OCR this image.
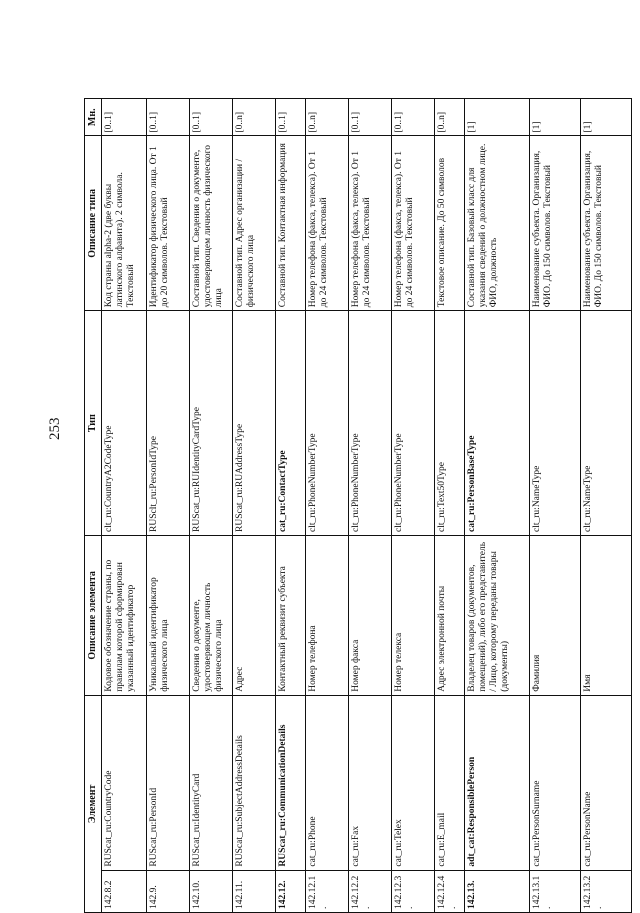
253
Элемент		Описание элемента	Тип	Описание типа	Мн.
142.8.2	RUScat_ru:CountryCode	Кодовое обозначение страны, по правилам которой сформирован указанный идентификатор	clt_ru:CountryA2CodeType	Код страны alpha-2 (две буквы латинского алфавита). 2 символа. Текстовый	[0..1]
142.9.	RUScat_ru:PersonId	Уникальный идентификатор физического лица	RUSclt_ru:PersonIdType	Идентификатор физического лица. От 1 до 20 символов. Текстовый	[0..1]
142.10.	RUScat_ru:IdentityCard	Сведения о документе, удостоверяющем личность физического лица	RUScat_ru:RUIdentityCardType	Составной тип. Сведения о документе, удостоверяющем личность физического лица	[0..1]
142.11.	RUScat_ru:SubjectAddressDetails	Адрес	RUScat_ru:RUAddressType	Составной тип. Адрес организации / физического лица	[0..n]
142.12.	RUScat_ru:CommunicationDetails	Контактный реквизит субъекта	cat_ru:ContactType	Составной тип. Контактная информация	[0..1]
142.12.1.	cat_ru:Phone	Номер телефона	clt_ru:PhoneNumberType	Номер телефона (факса, телекса). От 1 до 24 символов. Текстовый	[0..n]
142.12.2.	cat_ru:Fax	Номер факса	clt_ru:PhoneNumberType	Номер телефона (факса, телекса). От 1 до 24 символов. Текстовый	[0..1]
142.12.3.	cat_ru:Telex	Номер телекса	clt_ru:PhoneNumberType	Номер телефона (факса, телекса). От 1 до 24 символов. Текстовый	[0..1]
142.12.4.	cat_ru:E_mail	Адрес электронной почты	clt_ru:Text50Type	Текстовое описание. До 50 символов	[0..n]
142.13.	adt_cat:ResponsiblePerson	Владелец товаров (документов, помещений), либо его представитель / Лицо, которому переданы товары (документы)	cat_ru:PersonBaseType	Составной тип. Базовый класс для указания сведений о должностном лице. ФИО, должность	[1]
142.13.1.	cat_ru:PersonSurname	Фамилия	clt_ru:NameType	Наименование субъекта. Организация, ФИО. До 150 символов. Текстовый	[1]
142.13.2.	cat_ru:PersonName	Имя	clt_ru:NameType	Наименование субъекта. Организация, ФИО. До 150 символов. Текстовый	[1]
